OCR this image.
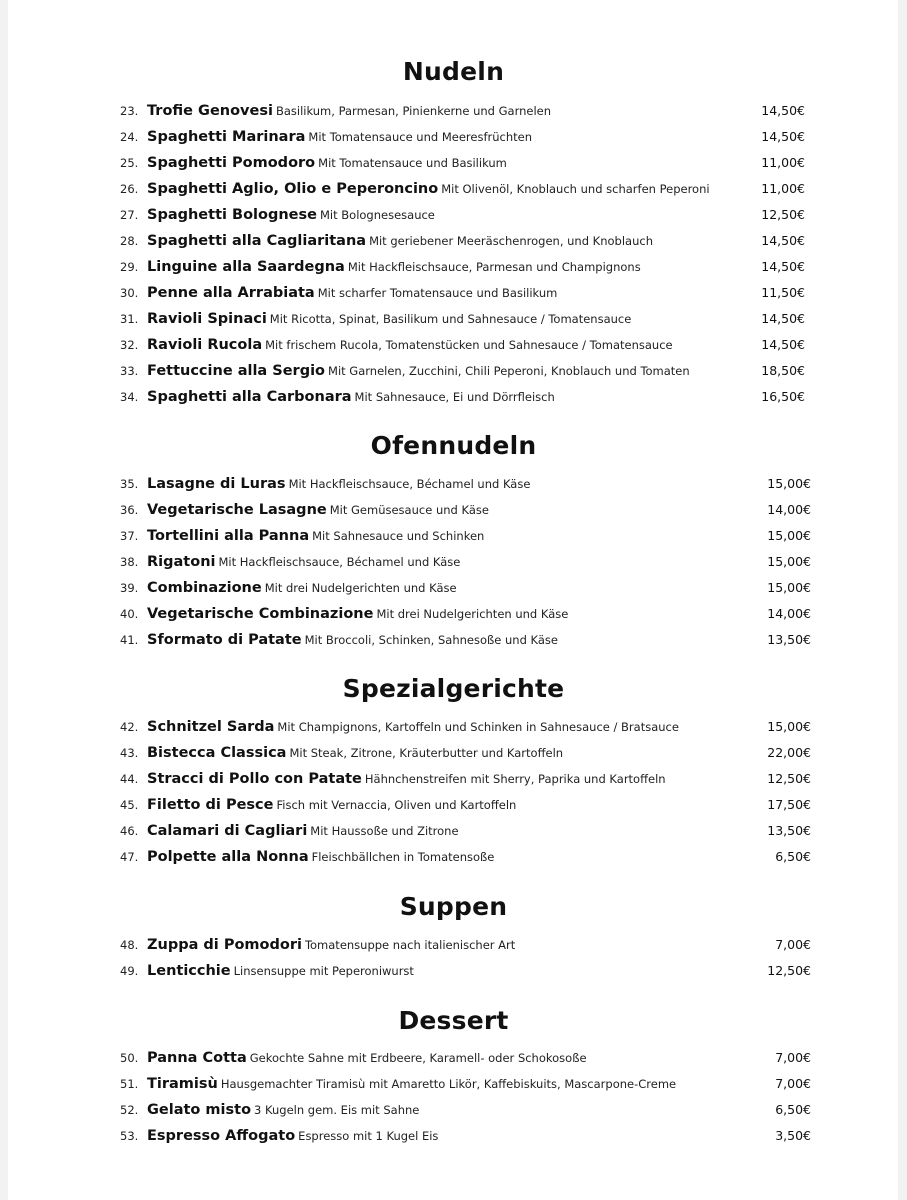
Nudeln
23. Trofie Genovesi Basilikum, Parmesan, Pinienkerne und Garnelen	14,50€
24. Spaghetti Marinara Mit Tomatensauce und Meeresfrüchten	14,50€
25. Spaghetti Pomodoro Mit Tomatensauce und Basilikum	11,00€
26. Spaghetti Aglio, Olio e Peperoncino Mit Olivenöl, Knoblauch und scharfen Peperoni	11,00€
27. Spaghetti Bolognese Mit Bolognesesauce	12,50€
28. Spaghetti alla Cagliaritana Mit geriebener Meeräschenrogen, und Knoblauch	14,50€
29. Linguine alla Saardegna Mit Hackfleischsauce, Parmesan und Champignons	14,50€
30. Penne alla Arrabiata Mit scharfer Tomatensauce und Basilikum	11,50€
31. Ravioli Spinaci Mit Ricotta, Spinat, Basilikum und Sahnesauce / Tomatensauce	14,50€
32. Ravioli Rucola Mit frischem Rucola, Tomatenstücken und Sahnesauce / Tomatensauce	14,50€
33. Fettuccine alla Sergio Mit Garnelen, Zucchini, Chili Peperoni, Knoblauch und Tomaten	18,50€
34. Spaghetti alla Carbonara Mit Sahnesauce, Ei und Dörrfleisch	16,50€
Ofennudeln
35. Lasagne di Luras Mit Hackfleischsauce, Béchamel und Käse	15,00€
36. Vegetarische Lasagne Mit Gemüsesauce und Käse	14,00€
37. Tortellini alla Panna Mit Sahnesauce und Schinken	15,00€
38. Rigatoni Mit Hackfleischsauce, Béchamel und Käse	15,00€
39. Combinazione Mit drei Nudelgerichten und Käse	15,00€
40. Vegetarische Combinazione Mit drei Nudelgerichten und Käse	14,00€
41. Sformato di Patate Mit Broccoli, Schinken, Sahnesoße und Käse	13,50€
Spezialgerichte
42. Schnitzel Sarda Mit Champignons, Kartoffeln und Schinken in Sahnesauce / Bratsauce	15,00€
43. Bistecca Classica Mit Steak, Zitrone, Kräuterbutter und Kartoffeln	22,00€
44. Stracci di Pollo con Patate Hähnchenstreifen mit Sherry, Paprika und Kartoffeln	12,50€
45. Filetto di Pesce Fisch mit Vernaccia, Oliven und Kartoffeln	17,50€
46. Calamari di Cagliari Mit Haussoße und Zitrone	13,50€
47. Polpette alla Nonna Fleischbällchen in Tomatensoße	6,50€
Suppen
48. Zuppa di Pomodori Tomatensuppe nach italienischer Art	7,00€
49. Lenticchie Linsensuppe mit Peperoniwurst	12,50€
Dessert
50. Panna Cotta Gekochte Sahne mit Erdbeere, Karamell- oder Schokosoße	7,00€
51. Tiramisù Hausgemachter Tiramisù mit Amaretto Likör, Kaffebiskuits, Mascarpone-Creme	7,00€
52. Gelato misto 3 Kugeln gem. Eis mit Sahne	6,50€
53. Espresso Affogato Espresso mit 1 Kugel Eis	3,50€
